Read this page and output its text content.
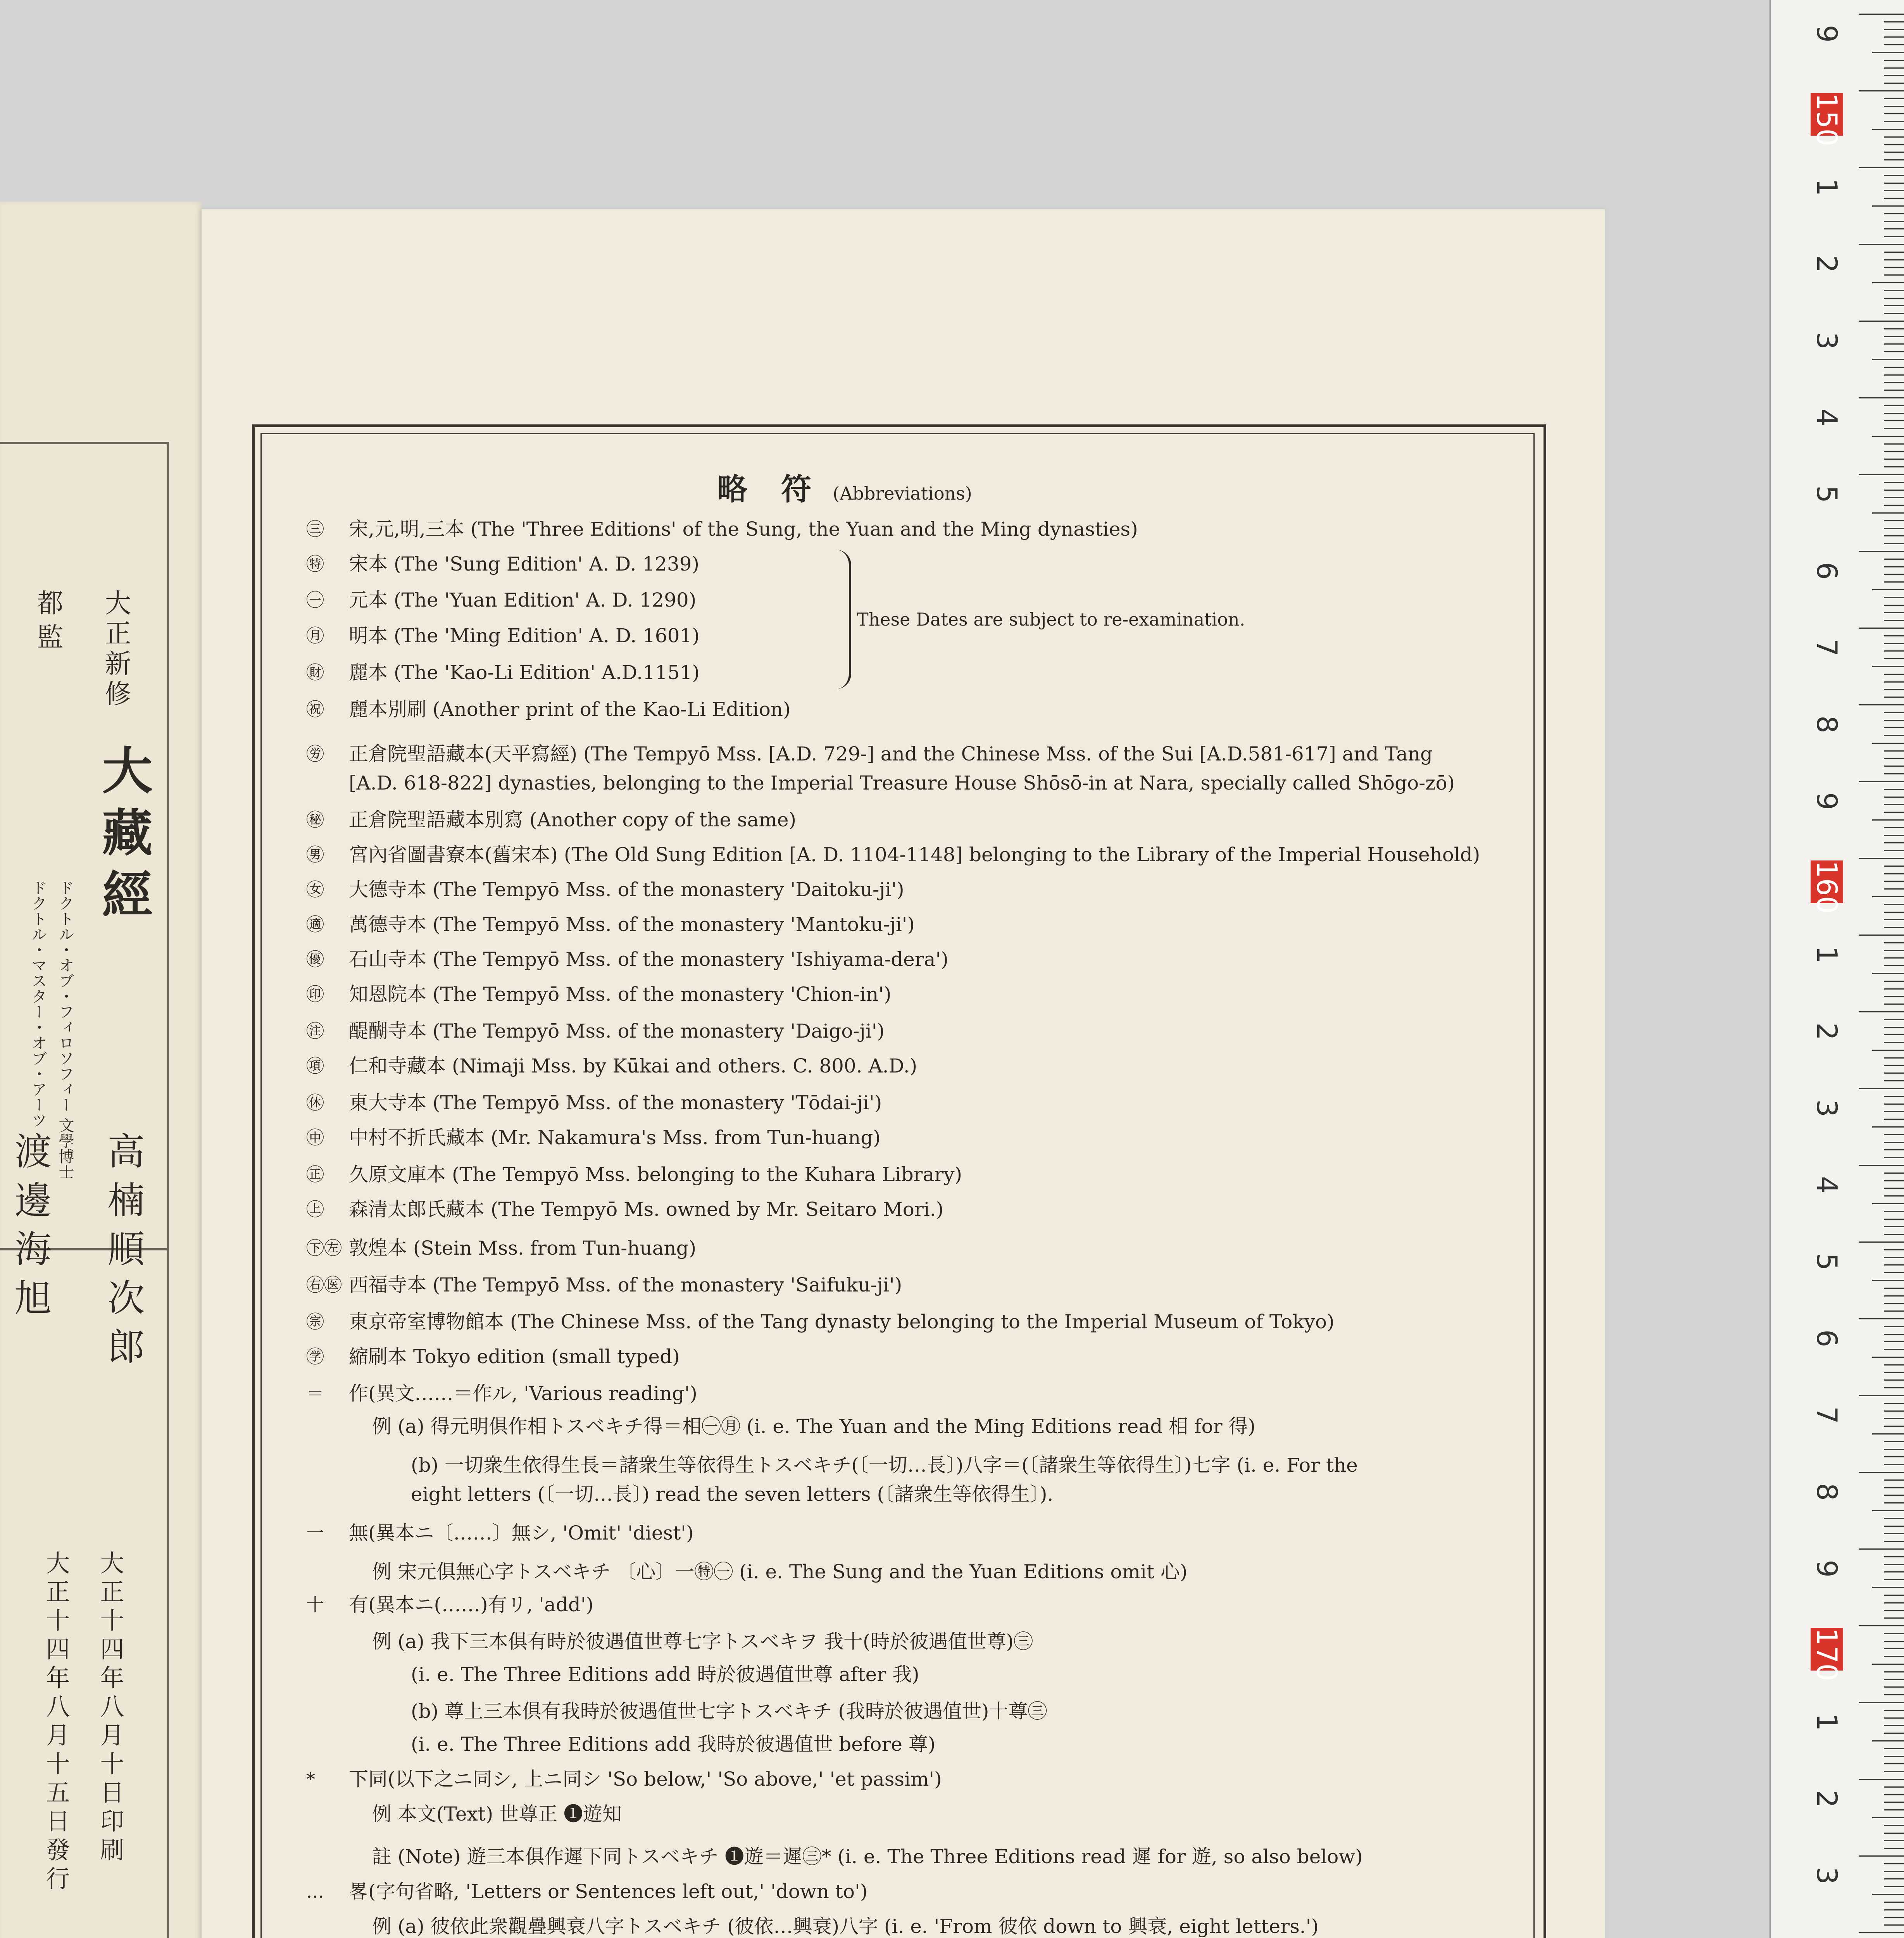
大正新修
大藏經
都監
ドクトル・オブ・フィロソフィー 文學博士
高楠順次郎
渡邊海旭
ドクトル・マスター・オブ・アーツ
大正十四年八月十日印刷
大正十四年八月十五日發行
略 符 (Abbreviations)
These Dates are subject to re-examination.
㊂ 宋,元,明,三本 (The 'Three Editions' of the Sung, the Yuan and the Ming dynasties)
㊕ 宋本 (The 'Sung Edition' A. D. 1239)
㊀ 元本 (The 'Yuan Edition' A. D. 1290)
㊊ 明本 (The 'Ming Edition' A. D. 1601)
㊖ 麗本 (The 'Kao-Li Edition' A.D.1151)
㊗ 麗本別刷 (Another print of the Kao-Li Edition)
㊘ 正倉院聖語藏本(天平寫經) (The Tempyō Mss. [A.D. 729-] and the Chinese Mss. of the Sui [A.D.581-617] and Tang
[A.D. 618-822] dynasties, belonging to the Imperial Treasure House Shōsō-in at Nara, specially called Shōgo-zō)
㊙ 正倉院聖語藏本別寫 (Another copy of the same)
㊚ 宮內省圖書寮本(舊宋本) (The Old Sung Edition [A. D. 1104-1148] belonging to the Library of the Imperial Household)
㊛ 大德寺本 (The Tempyō Mss. of the monastery 'Daitoku-ji')
㊜ 萬德寺本 (The Tempyō Mss. of the monastery 'Mantoku-ji')
㊝ 石山寺本 (The Tempyō Mss. of the monastery 'Ishiyama-dera')
㊞ 知恩院本 (The Tempyō Mss. of the monastery 'Chion-in')
㊟ 醍醐寺本 (The Tempyō Mss. of the monastery 'Daigo-ji')
㊠ 仁和寺藏本 (Nimaji Mss. by Kūkai and others. C. 800. A.D.)
㊡ 東大寺本 (The Tempyō Mss. of the monastery 'Tōdai-ji')
㊥ 中村不折氏藏本 (Mr. Nakamura's Mss. from Tun-huang)
㊣ 久原文庫本 (The Tempyō Mss. belonging to the Kuhara Library)
㊤ 森清太郎氏藏本 (The Tempyō Ms. owned by Mr. Seitaro Mori.)
㊦㊧ 敦煌本 (Stein Mss. from Tun-huang)
㊨㊩ 西福寺本 (The Tempyō Mss. of the monastery 'Saifuku-ji')
㊪ 東京帝室博物館本 (The Chinese Mss. of the Tang dynasty belonging to the Imperial Museum of Tokyo)
㊫ 縮刷本 Tokyo edition (small typed)
＝ 作(異文……＝作ル, 'Various reading')
例 (a) 得元明俱作相トスベキチ得＝相㊀㊊ (i. e. The Yuan and the Ming Editions read 相 for 得)
(b) 一切衆生依得生長＝諸衆生等依得生トスベキチ(〔一切…長〕)八字＝(〔諸衆生等依得生〕)七字 (i. e. For the
eight letters (〔一切…長〕) read the seven letters (〔諸衆生等依得生〕).
一 無(異本ニ〔……〕無シ, 'Omit' 'diest')
例 宋元俱無心字トスベキチ 〔心〕一㊕㊀ (i. e. The Sung and the Yuan Editions omit 心)
十 有(異本ニ(……)有リ, 'add')
例 (a) 我下三本俱有時於彼遇值世尊七字トスベキヲ 我十(時於彼遇值世尊)㊂
(i. e. The Three Editions add 時於彼遇值世尊 after 我)
(b) 尊上三本俱有我時於彼遇值世七字トスベキチ (我時於彼遇值世)十尊㊂
(i. e. The Three Editions add 我時於彼遇值世 before 尊)
* 下同(以下之ニ同シ, 上ニ同シ 'So below,' 'So above,' 'et passim')
例 本文(Text) 世尊正 ❶遊知
註 (Note) 遊三本俱作遲下同トスベキチ ❶遊＝遲㊂* (i. e. The Three Editions read 遲 for 遊, so also below)
… 畧(字句省略, 'Letters or Sentences left out,' 'down to')
例 (a) 彼依此衆觀疊興衰八字トスベキチ (彼依…興衰)八字 (i. e. 'From 彼依 down to 興衰, eight letters.')
9
150
1
2
3
4
5
6
7
8
9
160
1
2
3
4
5
6
7
8
9
170
1
2
3
